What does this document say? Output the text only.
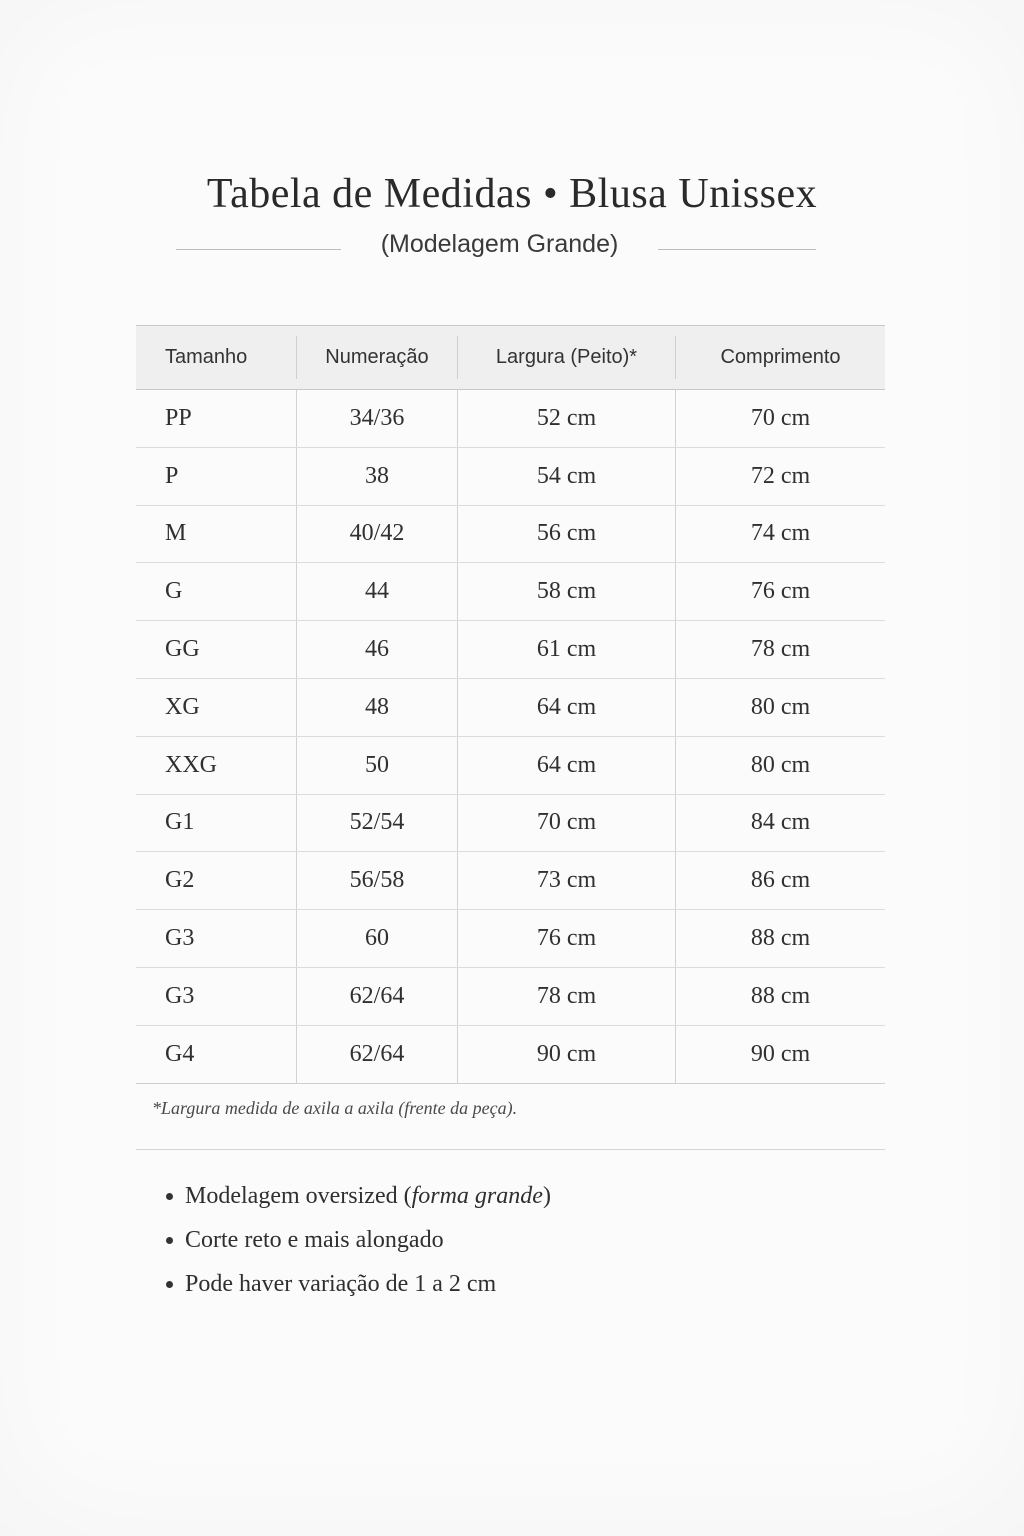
Tabela de Medidas • Blusa Unissex
(Modelagem Grande)
Tamanho	Numeração	Largura (Peito)*	Comprimento
PP	34/36	52 cm	70 cm
P	38	54 cm	72 cm
M	40/42	56 cm	74 cm
G	44	58 cm	76 cm
GG	46	61 cm	78 cm
XG	48	64 cm	80 cm
XXG	50	64 cm	80 cm
G1	52/54	70 cm	84 cm
G2	56/58	73 cm	86 cm
G3	60	76 cm	88 cm
G3	62/64	78 cm	88 cm
G4	62/64	90 cm	90 cm
*Largura medida de axila a axila (frente da peça).
Modelagem oversized (forma grande)
Corte reto e mais alongado
Pode haver variação de 1 a 2 cm
